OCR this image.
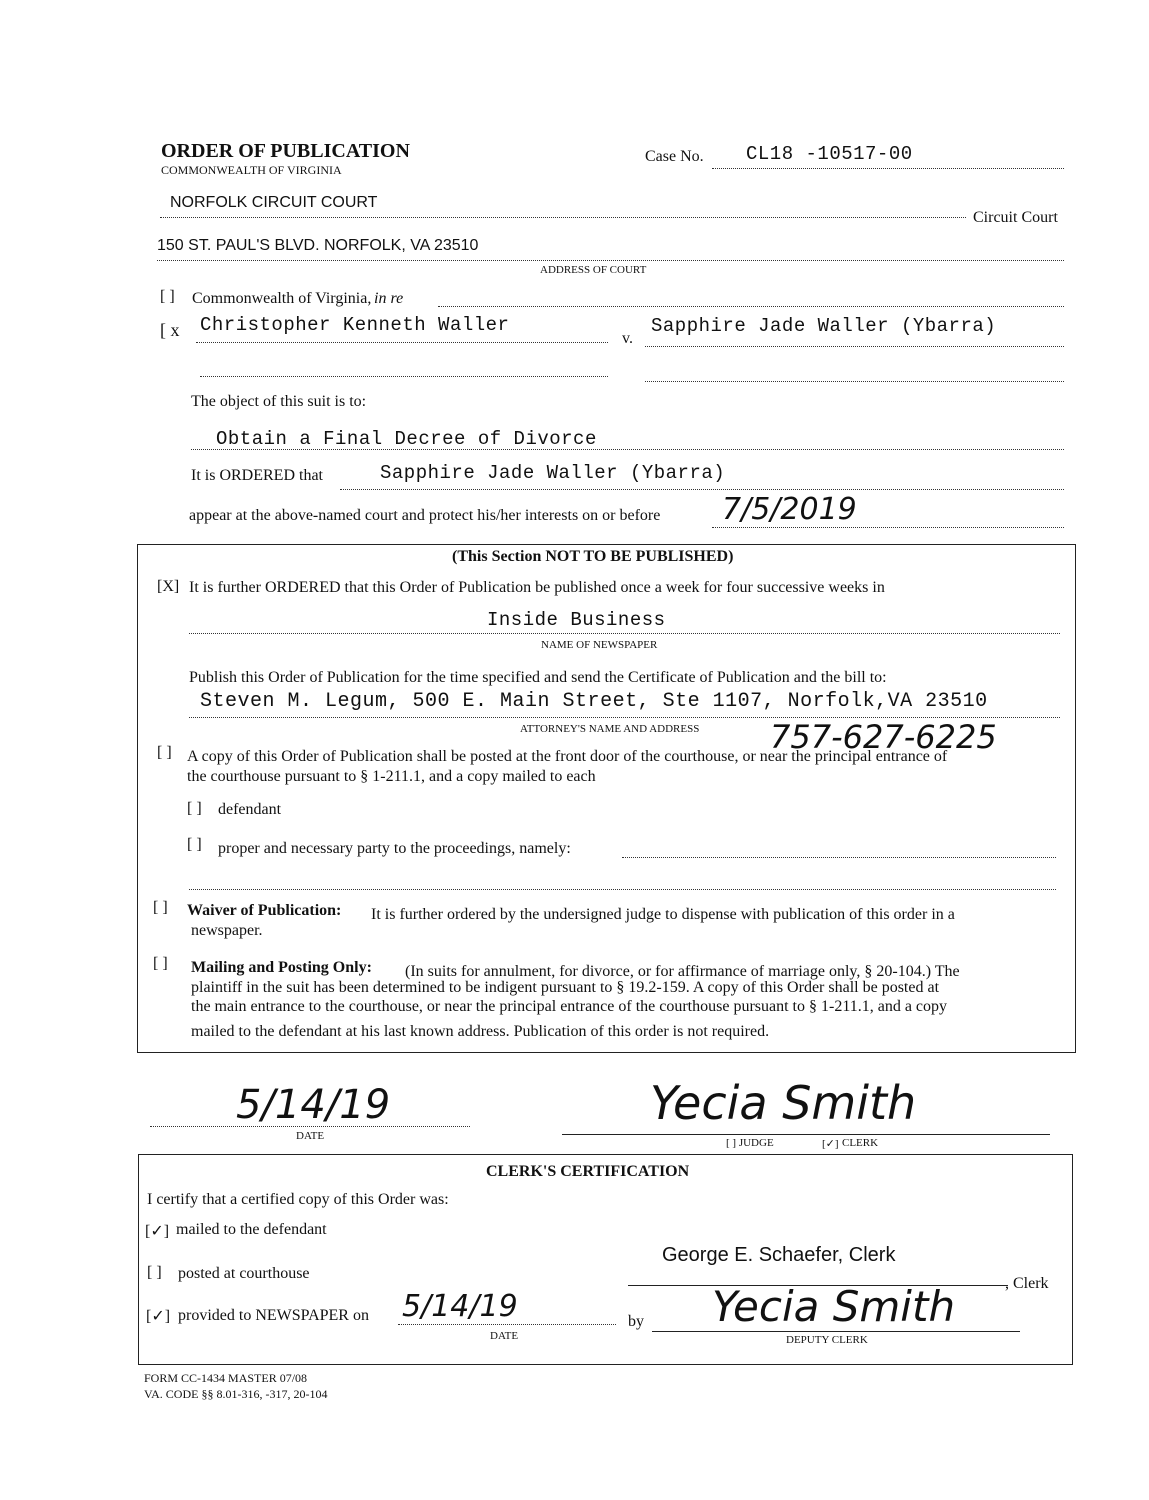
ORDER OF PUBLICATION
COMMONWEALTH OF VIRGINIA
Case No. CL18 -10517-00
NORFOLK CIRCUIT COURT
Circuit Court
150 ST. PAUL'S BLVD. NORFOLK, VA 23510
ADDRESS OF COURT
[ ] Commonwealth of Virginia, in re
[ x Christopher Kenneth Waller
v.
Sapphire Jade Waller (Ybarra)
The object of this suit is to:
Obtain a Final Decree of Divorce
It is ORDERED that	Sapphire Jade Waller (Ybarra)
appear at the above-named court and protect his/her interests on or before 7/5/2019
(This Section NOT TO BE PUBLISHED)
[X] It is further ORDERED that this Order of Publication be published once a week for four successive weeks in
Inside Business
NAME OF NEWSPAPER
Publish this Order of Publication for the time specified and send the Certificate of Publication and the bill to:
Steven M. Legum, 500 E. Main Street, Ste 1107, Norfolk,VA 23510
ATTORNEY'S NAME AND ADDRESS 757-627-6225
[ ] A copy of this Order of Publication shall be posted at the front door of the courthouse, or near the principal entrance of
the courthouse pursuant to § 1-211.1, and a copy mailed to each
[ ] defendant
[ ] proper and necessary party to the proceedings, namely:
[ ] Waiver of Publication: It is further ordered by the undersigned judge to dispense with publication of this order in a
newspaper.
[ ] Mailing and Posting Only: (In suits for annulment, for divorce, or for affirmance of marriage only, § 20-104.) The
plaintiff in the suit has been determined to be indigent pursuant to § 19.2-159. A copy of this Order shall be posted at
the main entrance to the courthouse, or near the principal entrance of the courthouse pursuant to § 1-211.1, and a copy
mailed to the defendant at his last known address. Publication of this order is not required.
5/14/19
DATE
Yecia Smith
[ ] JUDGE	[✓] CLERK
CLERK'S CERTIFICATION
I certify that a certified copy of this Order was:
[✓] mailed to the defendant
[ ] posted at courthouse
[✓] provided to NEWSPAPER on 5/14/19
DATE
by
George E. Schaefer, Clerk
, Clerk
Yecia Smith
DEPUTY CLERK
FORM CC-1434 MASTER 07/08
VA. CODE §§ 8.01-316, -317, 20-104
